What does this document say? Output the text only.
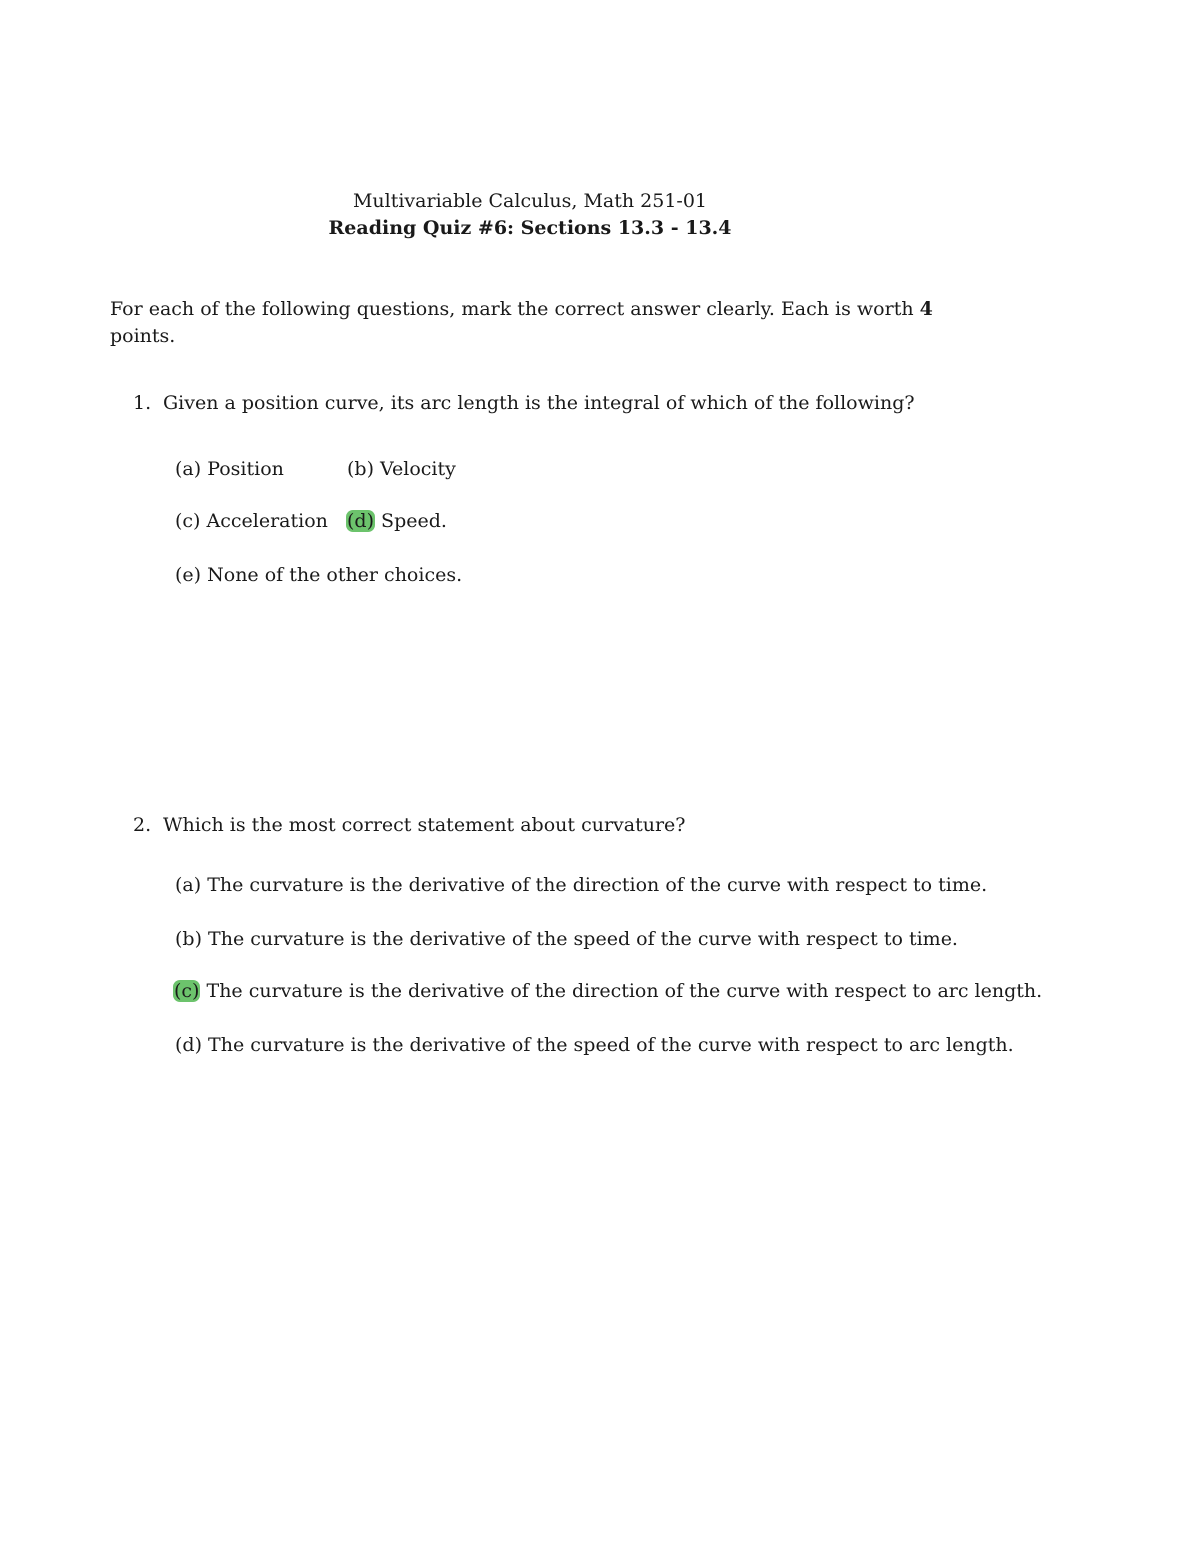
Multivariable Calculus, Math 251-01
Reading Quiz #6: Sections 13.3 - 13.4
For each of the following questions, mark the correct answer clearly. Each is worth 4
points.
1. Given a position curve, its arc length is the integral of which of the following?
(a) Position	(b) Velocity
(c) Acceleration (d) Speed.
(e) None of the other choices.
2. Which is the most correct statement about curvature?
(a) The curvature is the derivative of the direction of the curve with respect to time.
(b) The curvature is the derivative of the speed of the curve with respect to time.
(c) The curvature is the derivative of the direction of the curve with respect to arc length.
(d) The curvature is the derivative of the speed of the curve with respect to arc length.
